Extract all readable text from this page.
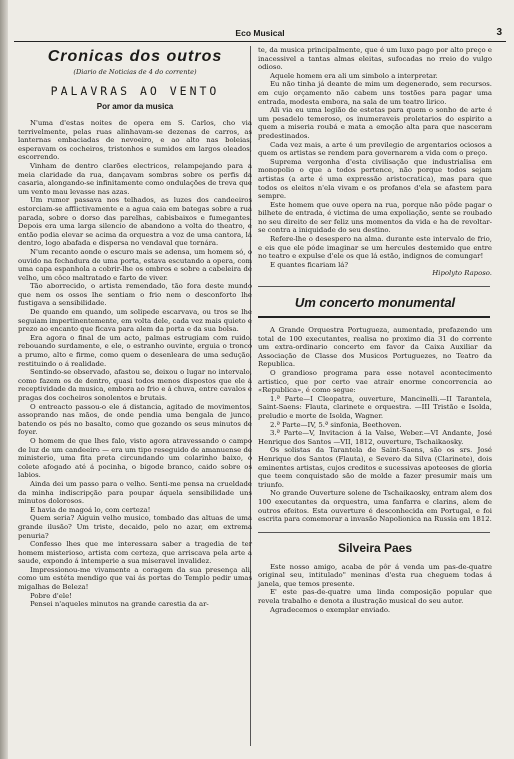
Eco Musical	3
Cronicas dos outros
(Diario de Noticias de 4 do corrente)
PALAVRAS AO VENTO
Por amor da musica

N'uma d'estas noites de opera em S. Carlos, cho via terrivelmente, pelas ruas alinhavam-se dezenas de carros, as lanternas embaciadas de nevoeiro, e ao alto nas boleias, esperavam os cocheiros, tristonhos e sumidos em largos oleados, escorrendo.

Vinham de dentro clarões electricos, relampejando para a meia claridade da rua, dançavam sombras sobre os perfis da casaria, alongando-se infinitamente como ondulações de treva que um vento mau levasse nas azas.

Um rumor passava nos telhados, as luzes dos candeeiros estorciam-se afflictivamente e a agua caia em bategas sobre a rua parada, sobre o dorso das parelhas, cabisbaixos e fumegantes. Depois era uma larga silencio de abandono a volta do theatro, e então podia elevar se acima da orquestra a voz de uma cantora, lá dentro, logo abafada e dispersa no vendaval que tornára.

N'um recanto aonde o escuro mais se adensa, um homem só, o ouvido na fechadura de uma porta, estava escutando a opera, com uma capa espanhola a cobrir-lhe os ombros e sobre a cabeleira de velho, um côco maltratado e farto de viver.

Tão aborrecido, o artista remendado, tão fora deste mundo que nem os ossos lhe sentiam o frio nem o desconforto lhe fustigava a sensibilidade.

De quando em quando, um solipede escarvava, ou tros se lhe seguiam impertinentemente, em volta dele, cada vez mais quieto e prezo ao encanto que ficava para alem da porta e da sua bolsa.

Era agora o final de um acto, palmas estrugiam com ruido. rebouando surdamente, e ele, o estranho ouvinte, erguia o tronco a prumo, alto e firme, como quem o desenleara de uma sedução, restituindo o á realidade.

Sentindo-se observado, afastou se, deixou o lugar no intervalo, como fazem os de dentro, quasi todos menos dispostos que ele á receptividade da musica, embora ao frio e á chuva, entre cavalos e pragas dos cocheiros sonolentos e brutais.

O entreacto passou-o ele á distancia, agitado de movimentos, assoprando nas mãos, de onde pendia uma bengala de junco, batendo os pés no basalto, como que gozando os seus minutos de foyer.

O homem de que lhes falo, visto agora atravessando o campo de luz de um candeeiro — era um tipo reseguido de amanuense de ministerio, uma fita preta circundando um colarinho baixo, o colete afogado até á pocinha, o bigode branco, caido sobre os labios.

Ainda dei um passo para o velho. Senti-me pensa na crueldade da minha indiscripção para poupar áquela sensibilidade uns minutos dolorosos.

E havia de magoá lo, com certeza!

Quem seria? Aiguin velho musico, tombado das altuas de uma grande ilusão? Um triste, decaido, pelo no azar, em extrema penuria?

Confesso lhes que me interessara saber a tragedia de ter homem misterioso, artista com certeza, que arriscava pela arte a saude, expondo á intemperie a sua miseravel invalidez.

Impressionou-me vivamente a coragem da sua presença ali, como um estéta mendigo que vai ás portas do Templo pedir umas migalhas de Beleza!

Pobre d'ele!

Pensei n'aqueles minutos na grande carestia da ar-

te, da musica principalmente, que é um luxo pago por alto preço e inacessivel a tantas almas eleitas, sufocadas no rreio do vulgo odioso.

Aquele homem era ali um simbolo a interpretar.

Eu não tinha já deante de mim um degenerado, sem recursos. em cujo orçamento não cabem uns tostões para pagar uma entrada, modesta embora, na sala de um teatro lirico.

Ali via eu uma legião de estetas para quem o sonho de arte é um pesadelo temeroso, os inumeraveis proletarios do espirito a quem a miseria roubá e mata a emoção alta para que nasceram predestinados.

Cada vez mais, a arte é um previlegio de argentarios ociosos a quem os artistas se rendem para governarem a vida com o preço.

Suprema vergonha d'esta civilisação que industrialisa em monopolio o que a todos pertence, não porque todos sejam artistas (a arte é uma expressão aristocratica), mas para que todos os eleitos n'ela vivam e os profanos d'ela se afastem para sempre.

Este homem que ouve opera na rua, porque não pôde pagar o bilhete de entrada, é victima de uma expoliação, sente se roubado no seu direito de ser feliz uns momentos da vida e ha de revoltar-se contra a iniquidade do seu destino.

Refere-lhe o desespero na alma. durante este intervalo de frio, e eis que ele póde imaginar se um hercules destemido que entre no teatro e expulse d'ele os que lá estão, indignos de comungar!

E quantes ficariam lá?

Hipolyto Raposo.

Um concerto monumental

A Grande Orquestra Portugueza, aumentada, prefazendo um total de 100 executantes, realisa no proximo dia 31 do corrente um extra-ordinario concerto em favor da Caixa Auxiliar da Associação de Classe dos Musicos Portuguezes, no Teatro da Republica.

O grandioso programa para esse notavel acontecimento artistico, que por certo vae atrair enorme concorrencia ao «Republica», é como segue:

1.ª Parte—I Cleopatra, ouverture, Mancinelli.—II Tarantela, Saint-Saens: Flauta, clarinete e orquestra. —III Tristão e Isolda, preludio e morte de Isolda, Wagner.

2.ª Parte—IV, 5.ª sinfonia, Beethoven.

3.ª Parte—V, Invitacion á la Valse, Weber.—VI Andante, José Henrique dos Santos —VII, 1812, ouverture, Tschaikaosky.

Os solistas da Tarantela de Saint-Saens, são os srs. José Henrique dos Santos (Flauta), e Severo da Silva (Clarinete), dois eminentes artistas, cujos creditos e sucessivas apoteoses de gloria que teem conquistado são de molde a fazer presumir mais um triunfo.

No grande Ouverture solene de Tschaikaosky, entram alem dos 100 executantes da orquestra, uma fanfarra e clarins, alem de outros efeitos. Esta ouverture é desconhecida em Portugal, e foi escrita para comemorar a invasão Napolionica na Russia em 1812.

Silveira Paes

Este nosso amigo, acaba de pôr á venda um pas-de-quatre original seu, intitulado" meninas d'esta rua cheguem todas á janela, que temos presente.

E' este pas-de-quatre uma linda composição popular que revela trabalho e denota a ilustração musical do seu autor.

Agradecemos o exemplar enviado.
